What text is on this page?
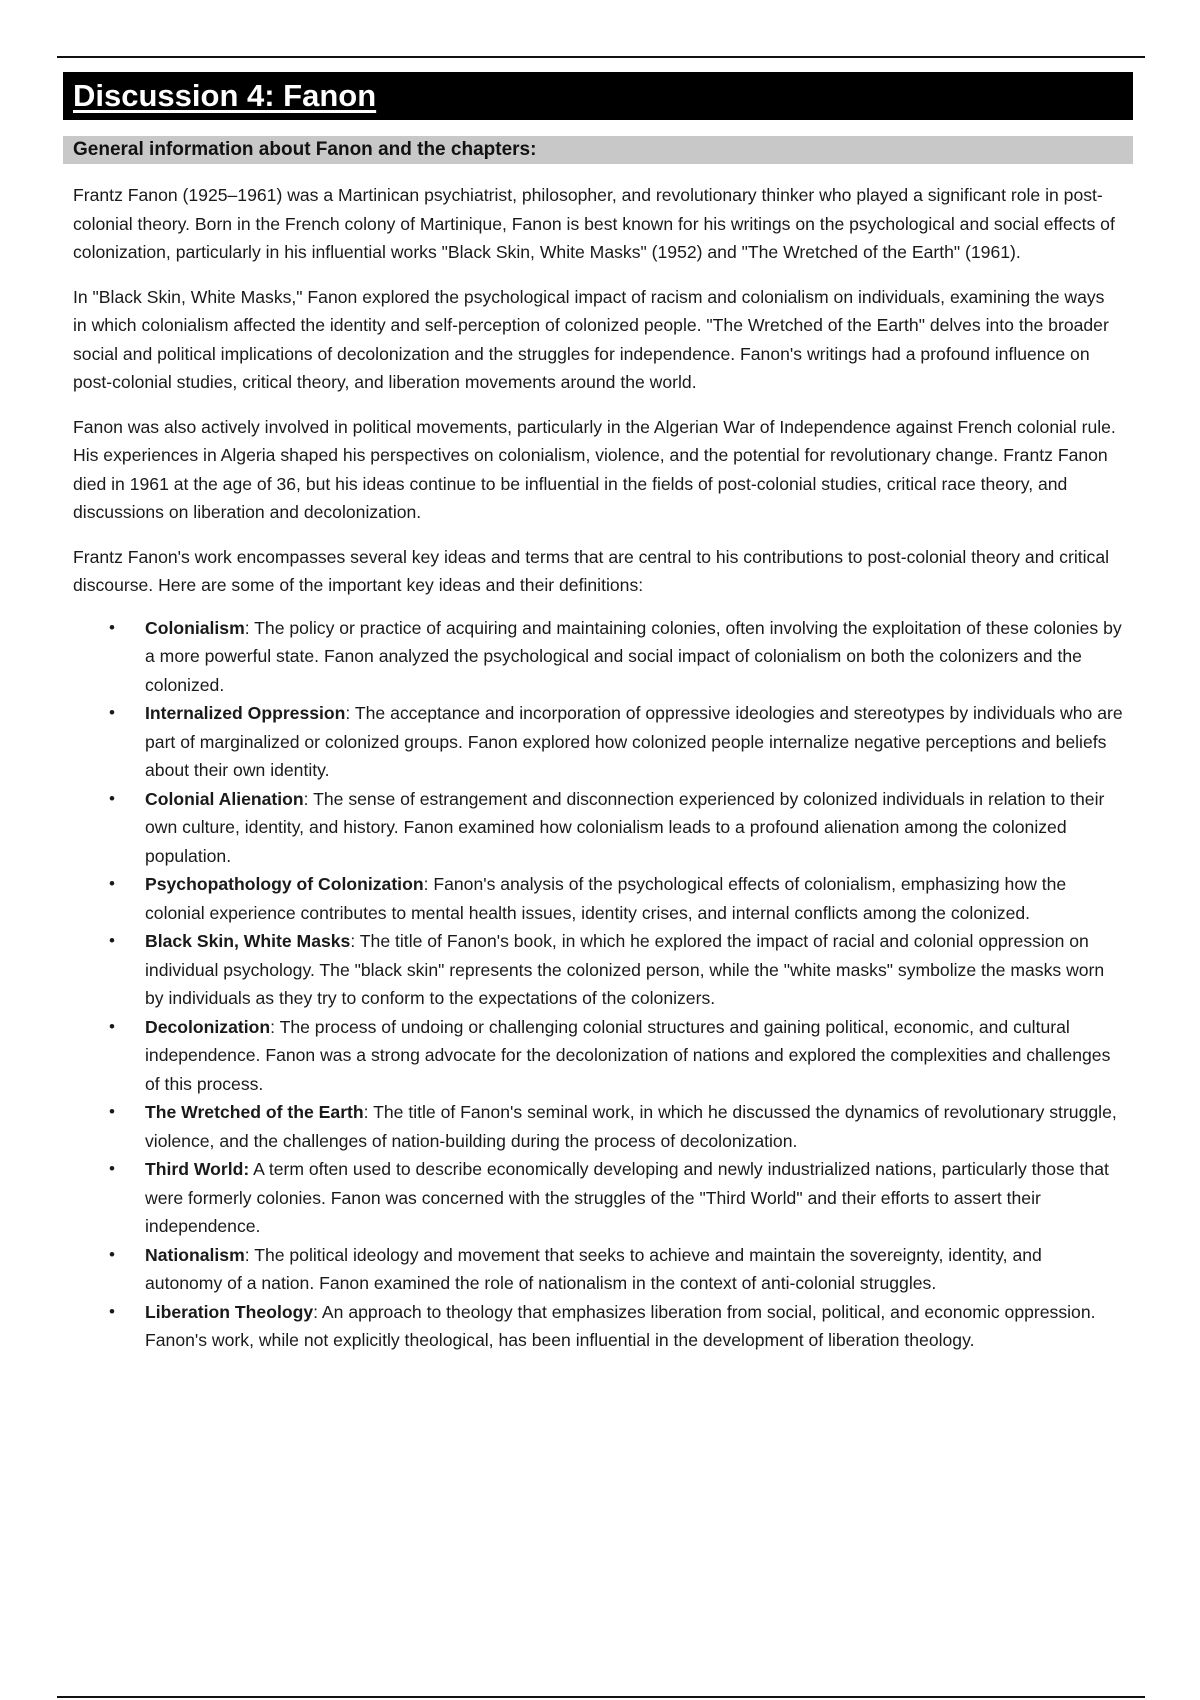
Discussion 4: Fanon
General information about Fanon and the chapters:

Frantz Fanon (1925–1961) was a Martinican psychiatrist, philosopher, and revolutionary thinker who played a significant role in post-colonial theory. Born in the French colony of Martinique, Fanon is best known for his writings on the psychological and social effects of colonization, particularly in his influential works "Black Skin, White Masks" (1952) and "The Wretched of the Earth" (1961).

In "Black Skin, White Masks," Fanon explored the psychological impact of racism and colonialism on individuals, examining the ways in which colonialism affected the identity and self-perception of colonized people. "The Wretched of the Earth" delves into the broader social and political implications of decolonization and the struggles for independence. Fanon's writings had a profound influence on post-colonial studies, critical theory, and liberation movements around the world.

Fanon was also actively involved in political movements, particularly in the Algerian War of Independence against French colonial rule. His experiences in Algeria shaped his perspectives on colonialism, violence, and the potential for revolutionary change. Frantz Fanon died in 1961 at the age of 36, but his ideas continue to be influential in the fields of post-colonial studies, critical race theory, and discussions on liberation and decolonization.

Frantz Fanon's work encompasses several key ideas and terms that are central to his contributions to post-colonial theory and critical discourse. Here are some of the important key ideas and their definitions:

• Colonialism: The policy or practice of acquiring and maintaining colonies, often involving the exploitation of these colonies by a more powerful state. Fanon analyzed the psychological and social impact of colonialism on both the colonizers and the colonized.
• Internalized Oppression: The acceptance and incorporation of oppressive ideologies and stereotypes by individuals who are part of marginalized or colonized groups. Fanon explored how colonized people internalize negative perceptions and beliefs about their own identity.
• Colonial Alienation: The sense of estrangement and disconnection experienced by colonized individuals in relation to their own culture, identity, and history. Fanon examined how colonialism leads to a profound alienation among the colonized population.
• Psychopathology of Colonization: Fanon's analysis of the psychological effects of colonialism, emphasizing how the colonial experience contributes to mental health issues, identity crises, and internal conflicts among the colonized.
• Black Skin, White Masks: The title of Fanon's book, in which he explored the impact of racial and colonial oppression on individual psychology. The "black skin" represents the colonized person, while the "white masks" symbolize the masks worn by individuals as they try to conform to the expectations of the colonizers.
• Decolonization: The process of undoing or challenging colonial structures and gaining political, economic, and cultural independence. Fanon was a strong advocate for the decolonization of nations and explored the complexities and challenges of this process.
• The Wretched of the Earth: The title of Fanon's seminal work, in which he discussed the dynamics of revolutionary struggle, violence, and the challenges of nation-building during the process of decolonization.
• Third World: A term often used to describe economically developing and newly industrialized nations, particularly those that were formerly colonies. Fanon was concerned with the struggles of the "Third World" and their efforts to assert their independence.
• Nationalism: The political ideology and movement that seeks to achieve and maintain the sovereignty, identity, and autonomy of a nation. Fanon examined the role of nationalism in the context of anti-colonial struggles.
• Liberation Theology: An approach to theology that emphasizes liberation from social, political, and economic oppression. Fanon's work, while not explicitly theological, has been influential in the development of liberation theology.
